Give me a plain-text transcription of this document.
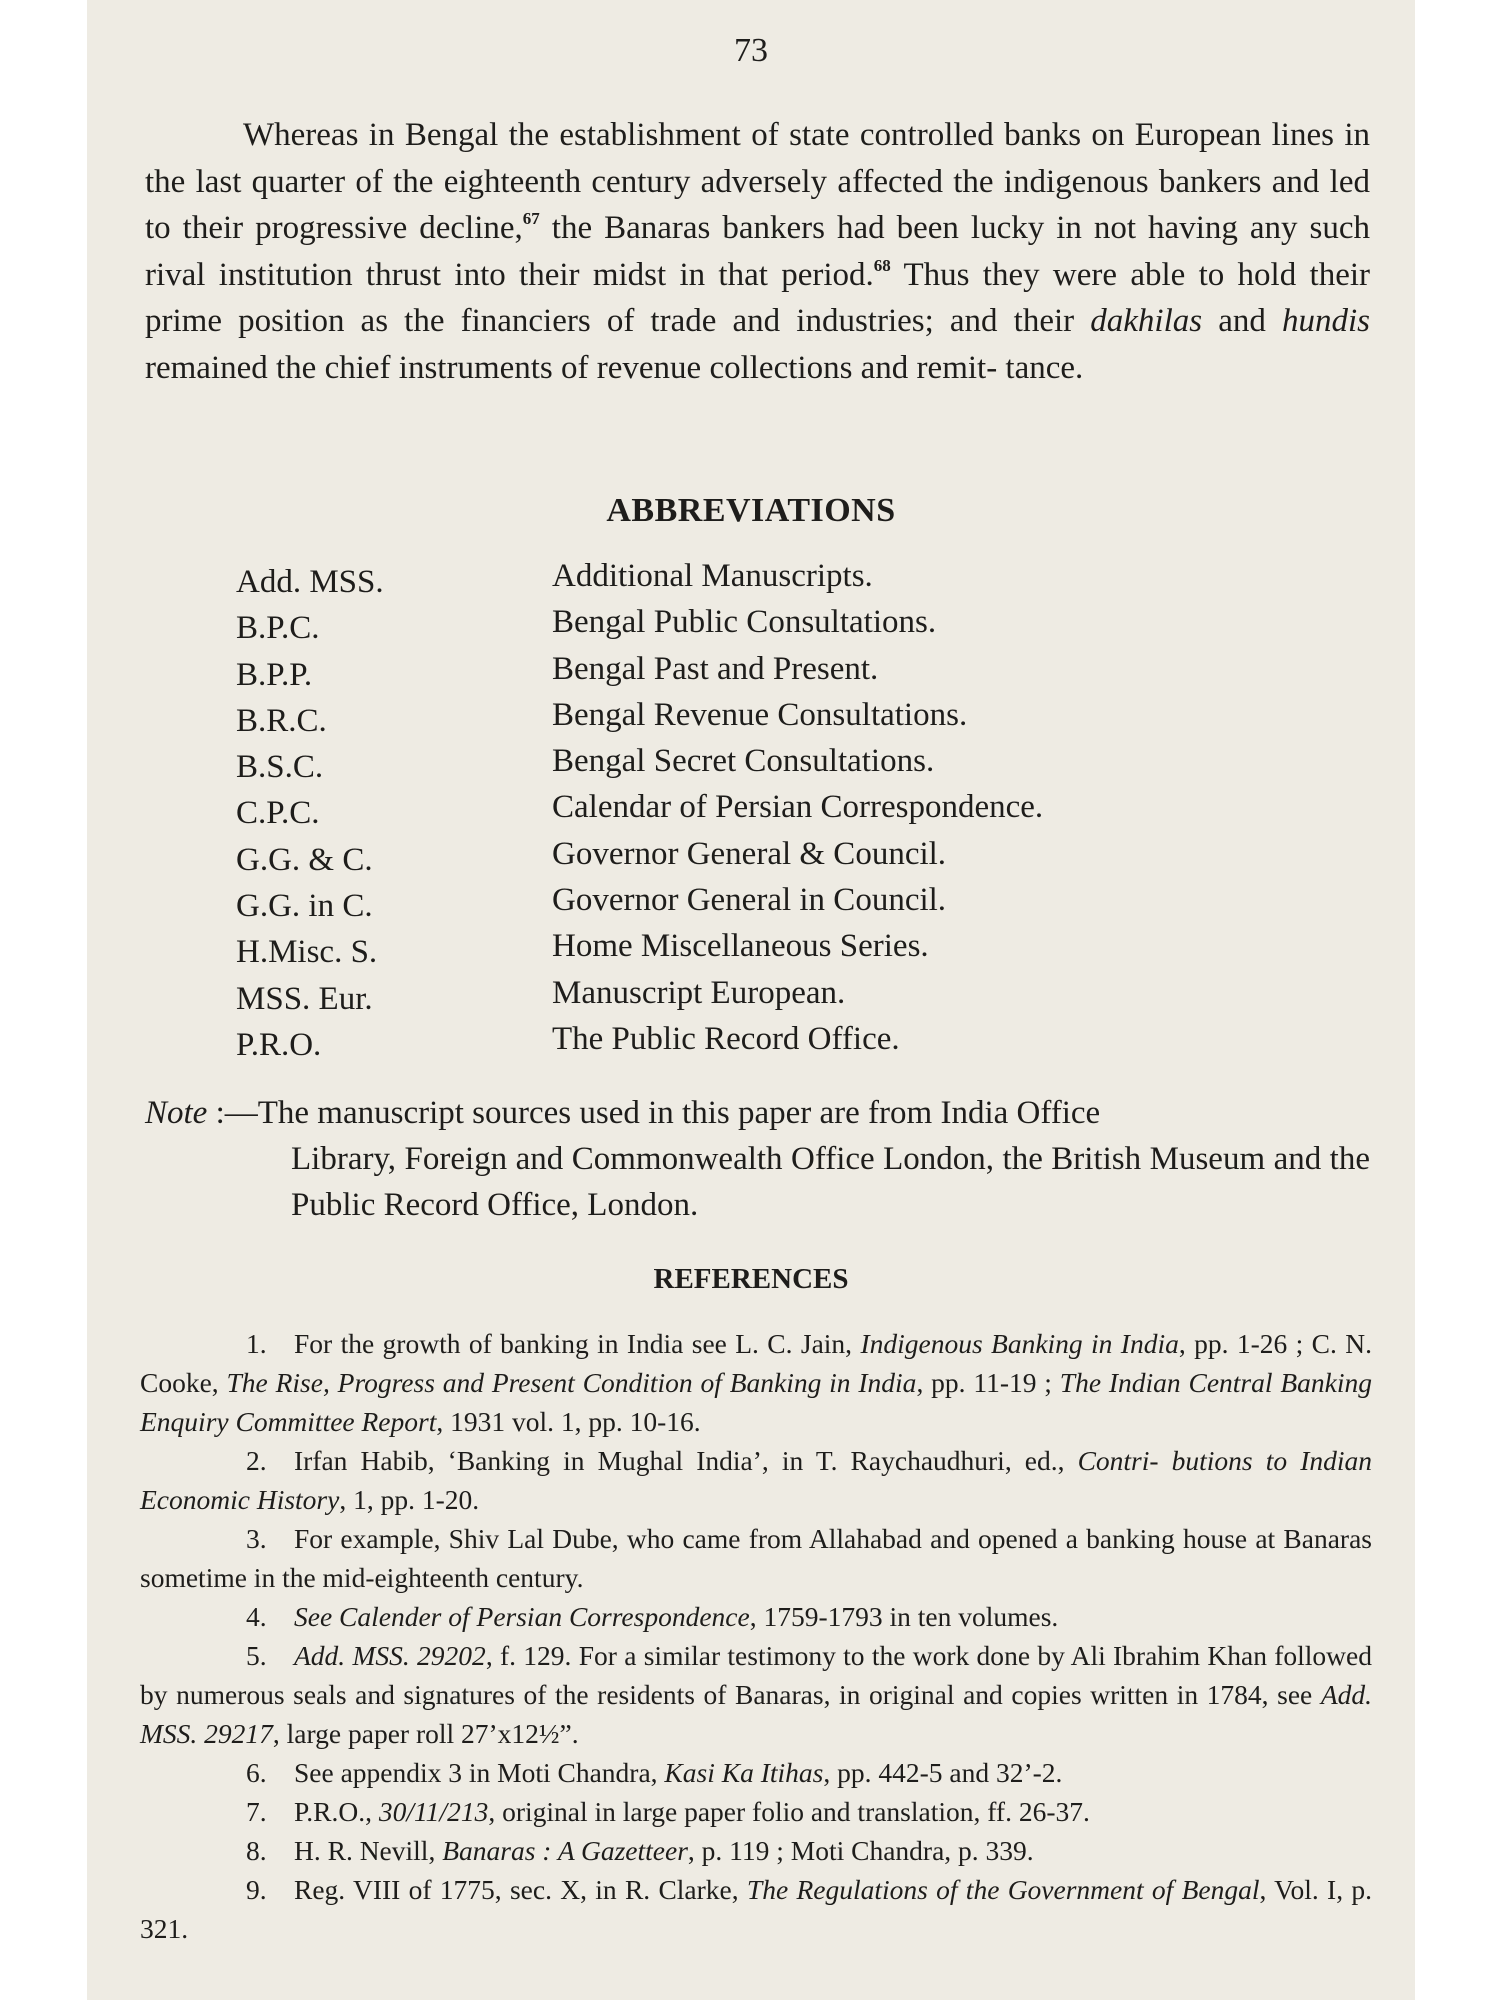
73

Whereas in Bengal the establishment of state controlled banks on European lines in the last quarter of the eighteenth century adversely affected the indigenous bankers and led to their progressive decline,$^{67}$ the Banaras bankers had been lucky in not having any such rival institution thrust into their midst in that period.$^{68}$ Thus they were able to hold their prime position as the financiers of trade and industries; and their dakhilas and hundis remained the chief instruments of revenue collections and remit- tance.

ABBREVIATIONS
Add. MSS.	Additional Manuscripts.
B.P.C.	Bengal Public Consultations.
B.P.P.	Bengal Past and Present.
B.R.C.	Bengal Revenue Consultations.
B.S.C.	Bengal Secret Consultations.
C.P.C.	Calendar of Persian Correspondence.
G.G. & C.	Governor General & Council.
G.G. in C.	Governor General in Council.
H.Misc. S.	Home Miscellaneous Series.
MSS. Eur.	Manuscript European.
P.R.O.	The Public Record Office.
Note :—The manuscript sources used in this paper are from India Office
Library, Foreign and Commonwealth Office London, the British Museum and the Public Record Office, London.
REFERENCES

1. For the growth of banking in India see L. C. Jain, Indigenous Banking in India, pp. 1-26 ; C. N. Cooke, The Rise, Progress and Present Condition of Banking in India, pp. 11-19 ; The Indian Central Banking Enquiry Committee Report, 1931 vol. 1, pp. 10-16.

2. Irfan Habib, ‘Banking in Mughal India’, in T. Raychaudhuri, ed., Contri- butions to Indian Economic History, 1, pp. 1-20.

3. For example, Shiv Lal Dube, who came from Allahabad and opened a banking house at Banaras sometime in the mid-eighteenth century.

4. See Calender of Persian Correspondence, 1759-1793 in ten volumes.

5. Add. MSS. 29202, f. 129. For a similar testimony to the work done by Ali Ibrahim Khan followed by numerous seals and signatures of the residents of Banaras, in original and copies written in 1784, see Add. MSS. 29217, large paper roll 27’x12½”.

6. See appendix 3 in Moti Chandra, Kasi Ka Itihas, pp. 442-5 and 32’-2.

7. P.R.O., 30/11/213, original in large paper folio and translation, ff. 26-37.

8. H. R. Nevill, Banaras : A Gazetteer, p. 119 ; Moti Chandra, p. 339.

9. Reg. VIII of 1775, sec. X, in R. Clarke, The Regulations of the Government of Bengal, Vol. I, p. 321.
